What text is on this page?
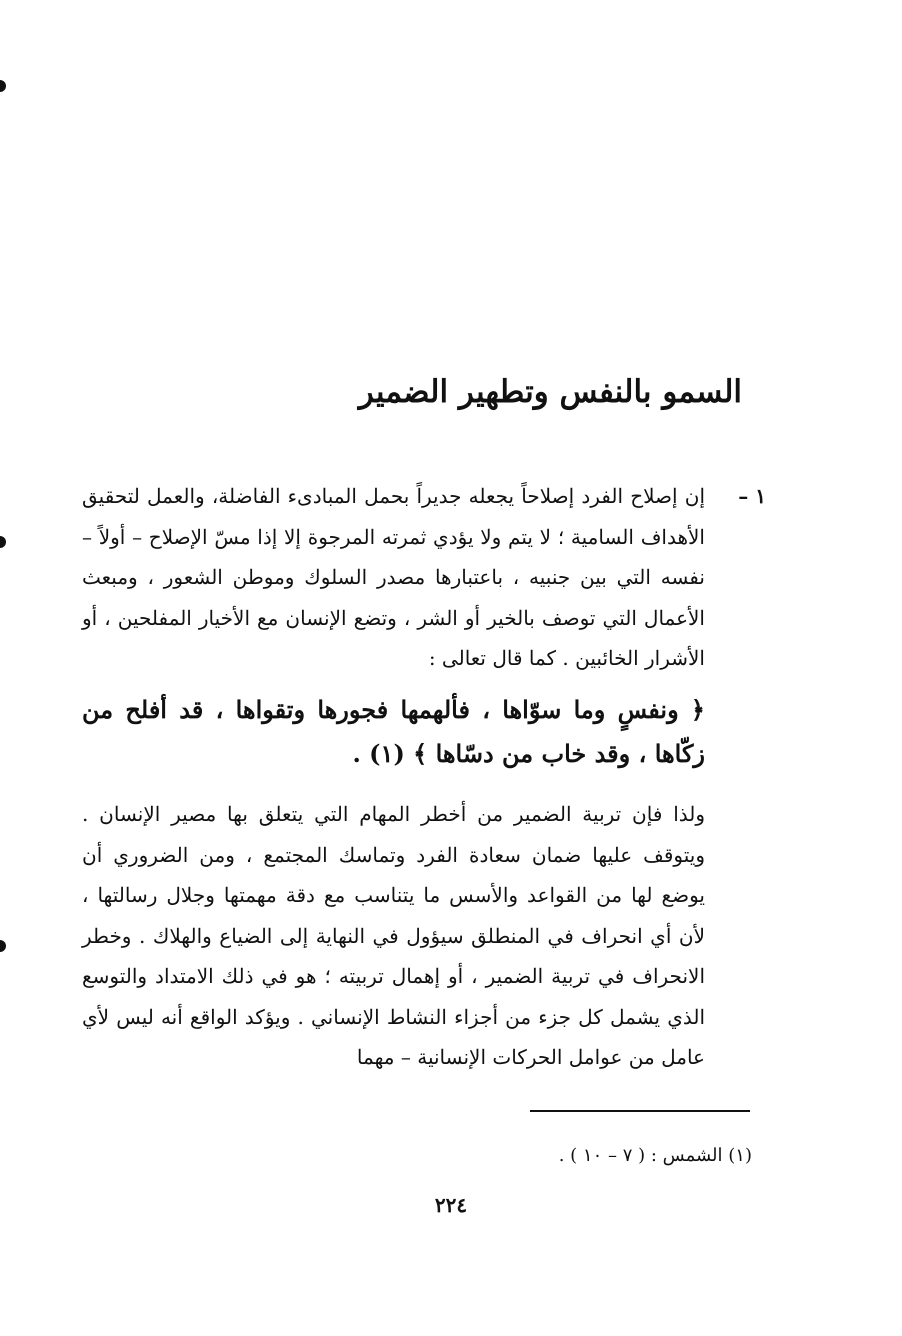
السمو بالنفس وتطهير الضمير
١ –
إن إصلاح الفرد إصلاحاً يجعله جديراً بحمل المبادىء الفاضلة، والعمل لتحقيق الأهداف السامية ؛ لا يتم ولا يؤدي ثمرته المرجوة إلا إذا مسّ الإصلاح – أولاً – نفسه التي بين جنبيه ، باعتبارها مصدر السلوك وموطن الشعور ، ومبعث الأعمال التي توصف بالخير أو الشر ، وتضع الإنسان مع الأخيار المفلحين ، أو الأشرار الخائبين . كما قال تعالى :
﴿ ونفسٍ وما سوّاها ، فألهمها فجورها وتقواها ، قد أفلح من زكّاها ، وقد خاب من دسّاها ﴾ (١) .
ولذا فإن تربية الضمير من أخطر المهام التي يتعلق بها مصير الإنسان . ويتوقف عليها ضمان سعادة الفرد وتماسك المجتمع ، ومن الضروري أن يوضع لها من القواعد والأسس ما يتناسب مع دقة مهمتها وجلال رسالتها ، لأن أي انحراف في المنطلق سيؤول في النهاية إلى الضياع والهلاك . وخطر الانحراف في تربية الضمير ، أو إهمال تربيته ؛ هو في ذلك الامتداد والتوسع الذي يشمل كل جزء من أجزاء النشاط الإنساني . ويؤكد الواقع أنه ليس لأي عامل من عوامل الحركات الإنسانية – مهما
(١) الشمس : ( ٧ – ١٠ ) .
٢٢٤
